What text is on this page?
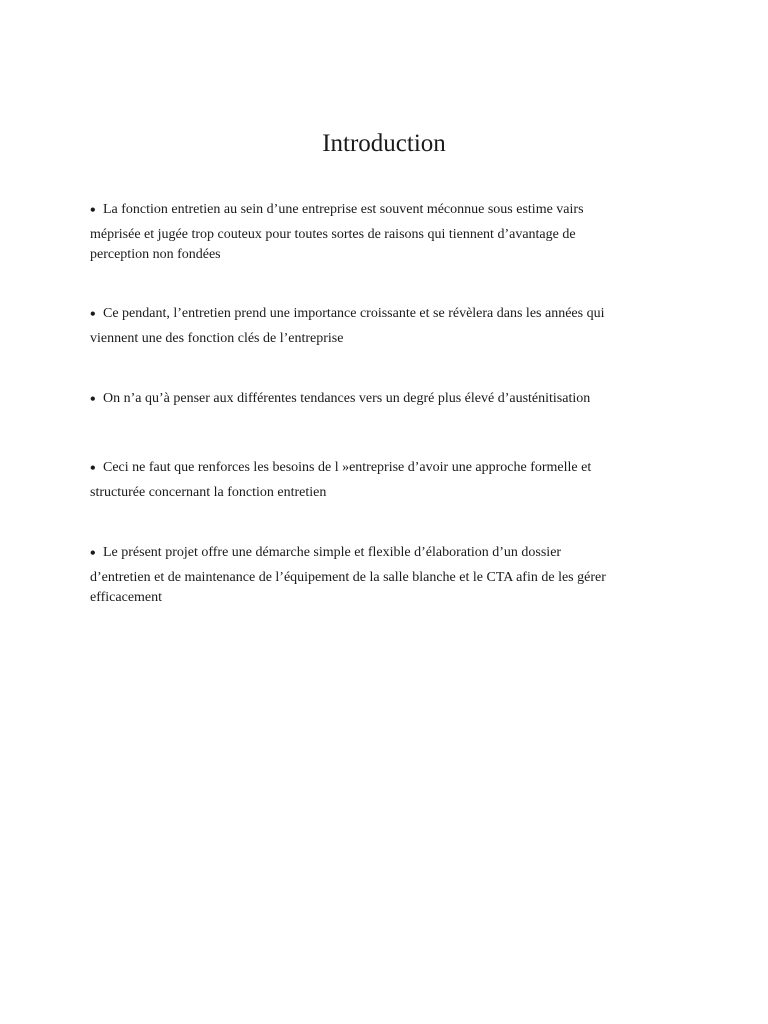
Introduction
• La fonction entretien au sein d’une entreprise est souvent méconnue sous estime vairs
méprisée et jugée trop couteux pour toutes sortes de raisons qui tiennent d’avantage de
perception non fondées
• Ce pendant, l’entretien prend une importance croissante et se révèlera dans les années qui
viennent une des fonction clés de l’entreprise
• On n’a qu’à penser aux différentes tendances vers un degré plus élevé d’austénitisation
• Ceci ne faut que renforces les besoins de l »entreprise d’avoir une approche formelle et
structurée concernant la fonction entretien
• Le présent projet offre une démarche simple et flexible d’élaboration d’un dossier
d’entretien et de maintenance de l’équipement de la salle blanche et le CTA afin de les gérer
efficacement
